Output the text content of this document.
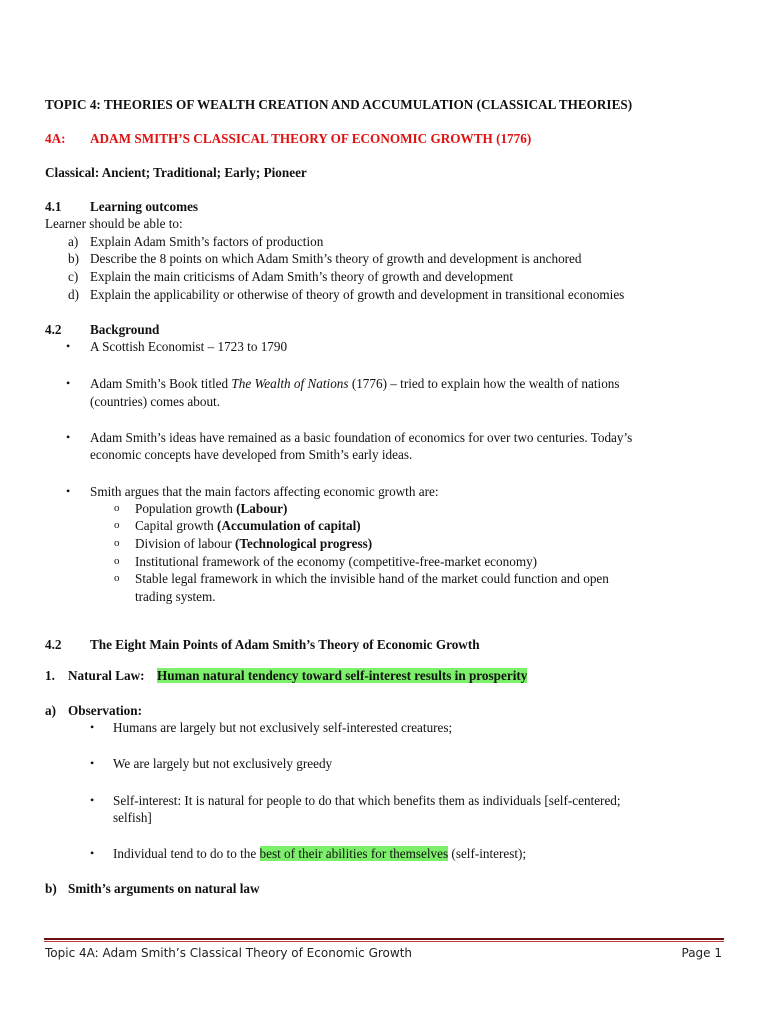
TOPIC 4: THEORIES OF WEALTH CREATION AND ACCUMULATION (CLASSICAL THEORIES)
4A: ADAM SMITH’S CLASSICAL THEORY OF ECONOMIC GROWTH (1776)
Classical: Ancient; Traditional; Early; Pioneer
4.1 Learning outcomes
Learner should be able to:
a) Explain Adam Smith’s factors of production
b) Describe the 8 points on which Adam Smith’s theory of growth and development is anchored
c) Explain the main criticisms of Adam Smith’s theory of growth and development
d) Explain the applicability or otherwise of theory of growth and development in transitional economies
4.2 Background
• A Scottish Economist – 1723 to 1790
• Adam Smith’s Book titled The Wealth of Nations (1776) – tried to explain how the wealth of nations
(countries) comes about.
• Adam Smith’s ideas have remained as a basic foundation of economics for over two centuries. Today’s
economic concepts have developed from Smith’s early ideas.
• Smith argues that the main factors affecting economic growth are:
o Population growth (Labour)
o Capital growth (Accumulation of capital)
o Division of labour (Technological progress)
o Institutional framework of the economy (competitive-free-market economy)
o Stable legal framework in which the invisible hand of the market could function and open
trading system.
4.2 The Eight Main Points of Adam Smith’s Theory of Economic Growth
1. Natural Law: Human natural tendency toward self-interest results in prosperity
a) Observation:
• Humans are largely but not exclusively self-interested creatures;
• We are largely but not exclusively greedy
• Self-interest: It is natural for people to do that which benefits them as individuals [self-centered;
selfish]
• Individual tend to do to the best of their abilities for themselves (self-interest);
b) Smith’s arguments on natural law
Topic 4A: Adam Smith’s Classical Theory of Economic Growth	Page 1
